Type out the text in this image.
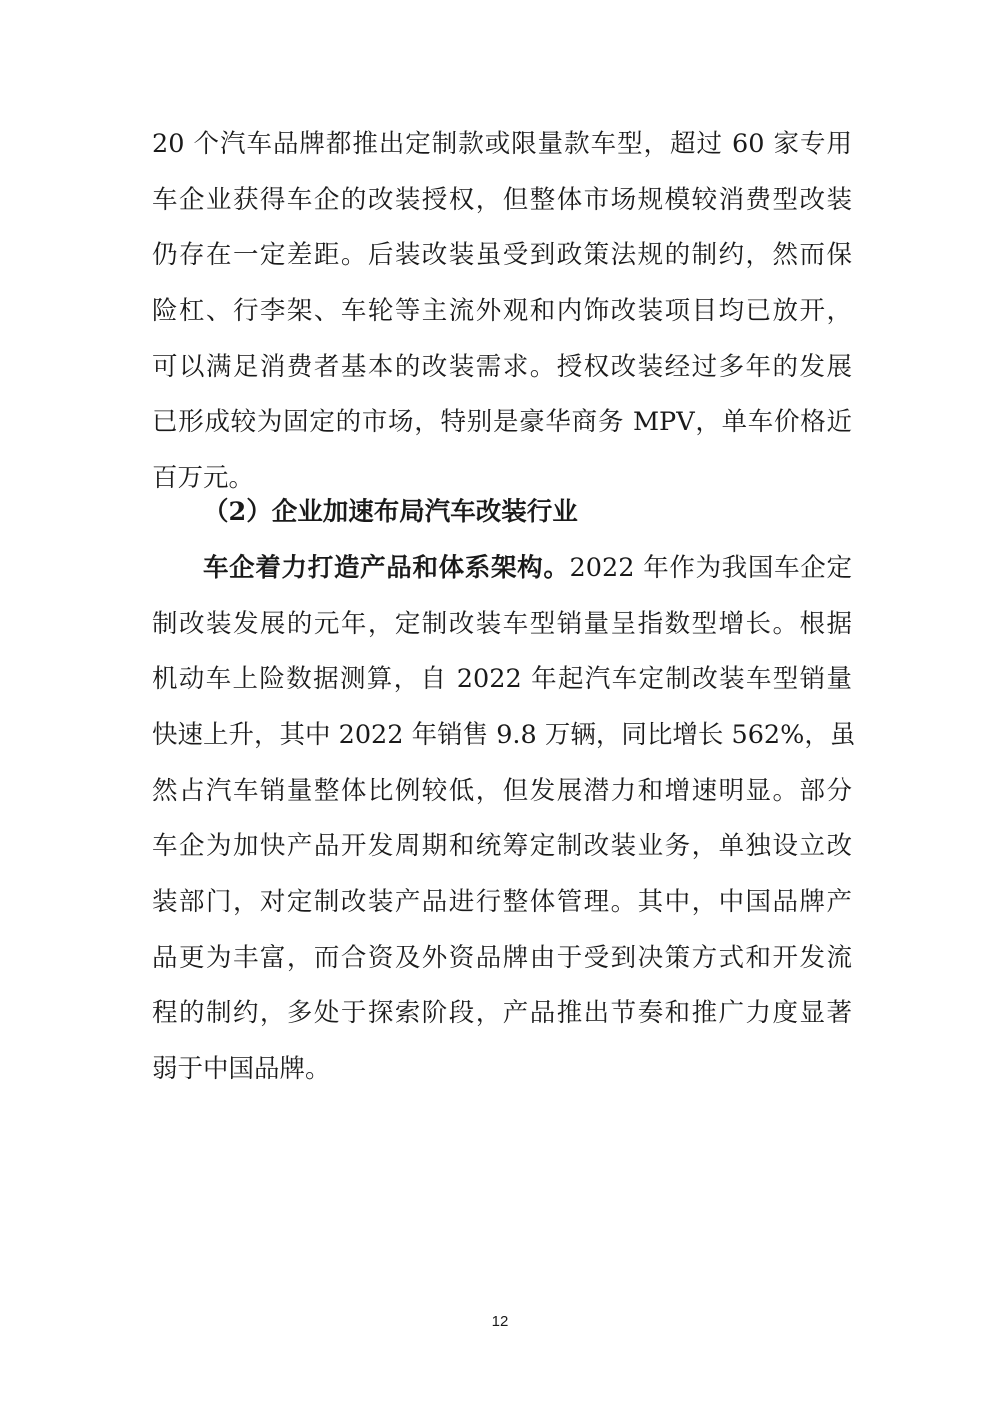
20 个汽车品牌都推出定制款或限量款车型，超过 60 家专用
车企业获得车企的改装授权，但整体市场规模较消费型改装
仍存在一定差距。后装改装虽受到政策法规的制约，然而保
险杠、行李架、车轮等主流外观和内饰改装项目均已放开，
可以满足消费者基本的改装需求。授权改装经过多年的发展
已形成较为固定的市场，特别是豪华商务 MPV，单车价格近
百万元。
（2）企业加速布局汽车改装行业
车企着力打造产品和体系架构。2022 年作为我国车企定
制改装发展的元年，定制改装车型销量呈指数型增长。根据
机动车上险数据测算，自 2022 年起汽车定制改装车型销量
快速上升，其中 2022 年销售 9.8 万辆，同比增长 562%，虽
然占汽车销量整体比例较低，但发展潜力和增速明显。部分
车企为加快产品开发周期和统筹定制改装业务，单独设立改
装部门，对定制改装产品进行整体管理。其中，中国品牌产
品更为丰富，而合资及外资品牌由于受到决策方式和开发流
程的制约，多处于探索阶段，产品推出节奏和推广力度显著
弱于中国品牌。
12
